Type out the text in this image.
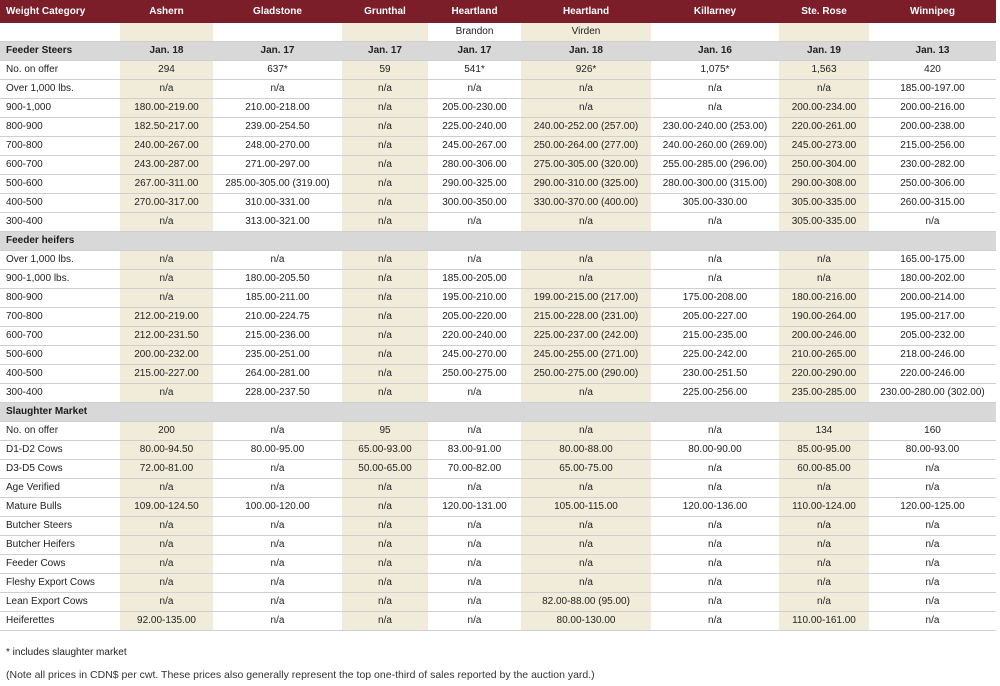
Weight Category	Ashern	Gladstone	Grunthal	Heartland	Heartland	Killarney	Ste. Rose	Winnipeg
				Brandon	Virden			
Feeder Steers	Jan. 18	Jan. 17	Jan. 17	Jan. 17	Jan. 18	Jan. 16	Jan. 19	Jan. 13
No. on offer	294	637*	59	541*	926*	1,075*	1,563	420
Over 1,000 lbs.	n/a	n/a	n/a	n/a	n/a	n/a	n/a	185.00-197.00
900-1,000	180.00-219.00	210.00-218.00	n/a	205.00-230.00	n/a	n/a	200.00-234.00	200.00-216.00
800-900	182.50-217.00	239.00-254.50	n/a	225.00-240.00	240.00-252.00 (257.00)	230.00-240.00 (253.00)	220.00-261.00	200.00-238.00
700-800	240.00-267.00	248.00-270.00	n/a	245.00-267.00	250.00-264.00 (277.00)	240.00-260.00 (269.00)	245.00-273.00	215.00-256.00
600-700	243.00-287.00	271.00-297.00	n/a	280.00-306.00	275.00-305.00 (320.00)	255.00-285.00 (296.00)	250.00-304.00	230.00-282.00
500-600	267.00-311.00	285.00-305.00 (319.00)	n/a	290.00-325.00	290.00-310.00 (325.00)	280.00-300.00 (315.00)	290.00-308.00	250.00-306.00
400-500	270.00-317.00	310.00-331.00	n/a	300.00-350.00	330.00-370.00 (400.00)	305.00-330.00	305.00-335.00	260.00-315.00
300-400	n/a	313.00-321.00	n/a	n/a	n/a	n/a	305.00-335.00	n/a
Feeder heifers								
Over 1,000 lbs.	n/a	n/a	n/a	n/a	n/a	n/a	n/a	165.00-175.00
900-1,000 lbs.	n/a	180.00-205.50	n/a	185.00-205.00	n/a	n/a	n/a	180.00-202.00
800-900	n/a	185.00-211.00	n/a	195.00-210.00	199.00-215.00 (217.00)	175.00-208.00	180.00-216.00	200.00-214.00
700-800	212.00-219.00	210.00-224.75	n/a	205.00-220.00	215.00-228.00 (231.00)	205.00-227.00	190.00-264.00	195.00-217.00
600-700	212.00-231.50	215.00-236.00	n/a	220.00-240.00	225.00-237.00 (242.00)	215.00-235.00	200.00-246.00	205.00-232.00
500-600	200.00-232.00	235.00-251.00	n/a	245.00-270.00	245.00-255.00 (271.00)	225.00-242.00	210.00-265.00	218.00-246.00
400-500	215.00-227.00	264.00-281.00	n/a	250.00-275.00	250.00-275.00 (290.00)	230.00-251.50	220.00-290.00	220.00-246.00
300-400	n/a	228.00-237.50	n/a	n/a	n/a	225.00-256.00	235.00-285.00	230.00-280.00 (302.00)
Slaughter Market								
No. on offer	200	n/a	95	n/a	n/a	n/a	134	160
D1-D2 Cows	80.00-94.50	80.00-95.00	65.00-93.00	83.00-91.00	80.00-88.00	80.00-90.00	85.00-95.00	80.00-93.00
D3-D5 Cows	72.00-81.00	n/a	50.00-65.00	70.00-82.00	65.00-75.00	n/a	60.00-85.00	n/a
Age Verified	n/a	n/a	n/a	n/a	n/a	n/a	n/a	n/a
Mature Bulls	109.00-124.50	100.00-120.00	n/a	120.00-131.00	105.00-115.00	120.00-136.00	110.00-124.00	120.00-125.00
Butcher Steers	n/a	n/a	n/a	n/a	n/a	n/a	n/a	n/a
Butcher Heifers	n/a	n/a	n/a	n/a	n/a	n/a	n/a	n/a
Feeder Cows	n/a	n/a	n/a	n/a	n/a	n/a	n/a	n/a
Fleshy Export Cows	n/a	n/a	n/a	n/a	n/a	n/a	n/a	n/a
Lean Export Cows	n/a	n/a	n/a	n/a	82.00-88.00 (95.00)	n/a	n/a	n/a
Heiferettes	92.00-135.00	n/a	n/a	n/a	80.00-130.00	n/a	110.00-161.00	n/a
* includes slaughter market
(Note all prices in CDN$ per cwt. These prices also generally represent the top one-third of sales reported by the auction yard.)
